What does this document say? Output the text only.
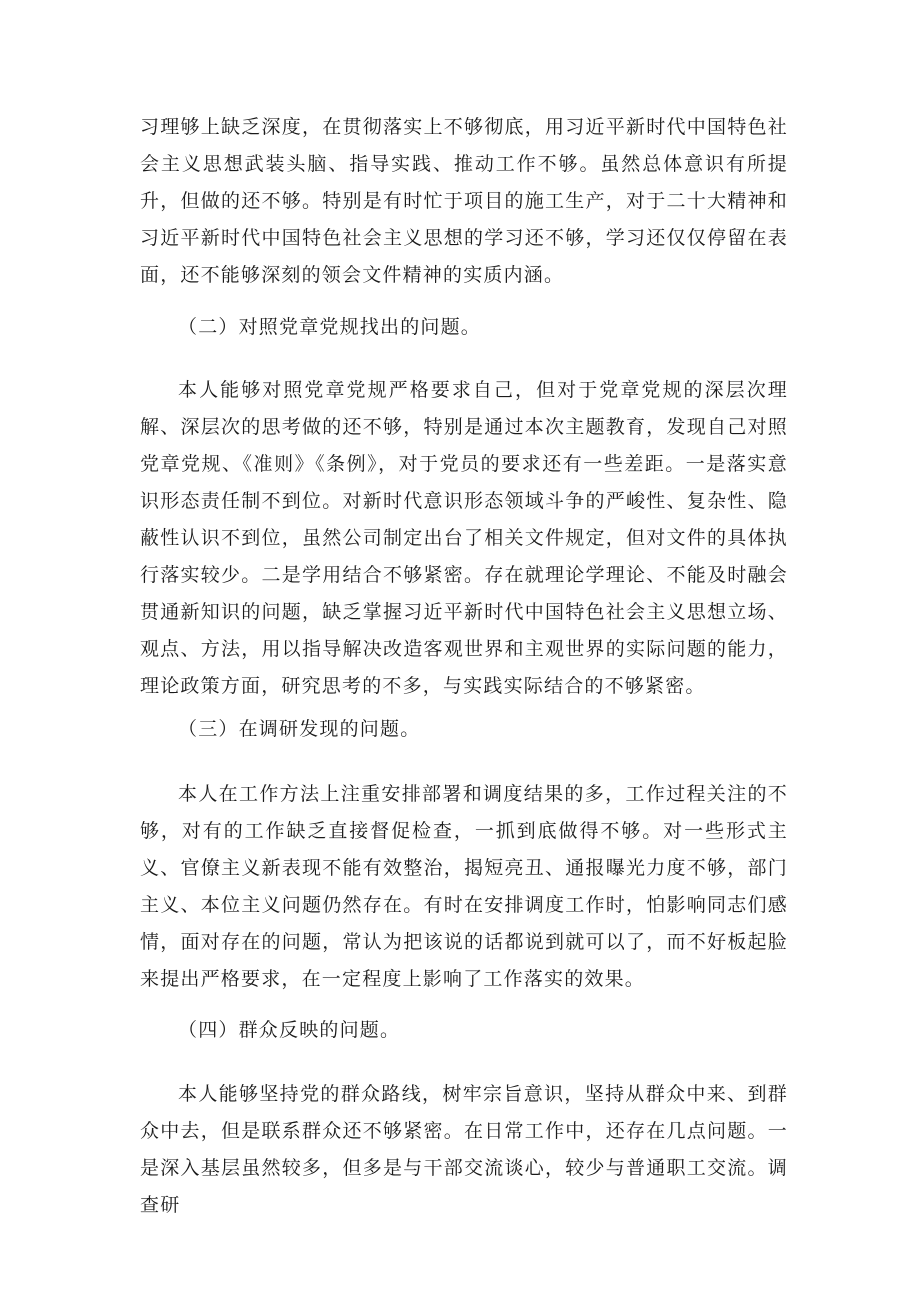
习理够上缺乏深度，在贯彻落实上不够彻底，用习近平新时代中国特色社会主义思想武装头脑、指导实践、推动工作不够。虽然总体意识有所提升，但做的还不够。特别是有时忙于项目的施工生产，对于二十大精神和习近平新时代中国特色社会主义思想的学习还不够，学习还仅仅停留在表面，还不能够深刻的领会文件精神的实质内涵。

（二）对照党章党规找出的问题。

本人能够对照党章党规严格要求自己，但对于党章党规的深层次理解、深层次的思考做的还不够，特别是通过本次主题教育，发现自己对照党章党规、《准则》《条例》，对于党员的要求还有一些差距。一是落实意识形态责任制不到位。对新时代意识形态领域斗争的严峻性、复杂性、隐蔽性认识不到位，虽然公司制定出台了相关文件规定，但对文件的具体执行落实较少。二是学用结合不够紧密。存在就理论学理论、不能及时融会贯通新知识的问题，缺乏掌握习近平新时代中国特色社会主义思想立场、观点、方法，用以指导解决改造客观世界和主观世界的实际问题的能力，理论政策方面，研究思考的不多，与实践实际结合的不够紧密。

（三）在调研发现的问题。

本人在工作方法上注重安排部署和调度结果的多，工作过程关注的不够，对有的工作缺乏直接督促检查，一抓到底做得不够。对一些形式主义、官僚主义新表现不能有效整治，揭短亮丑、通报曝光力度不够，部门主义、本位主义问题仍然存在。有时在安排调度工作时，怕影响同志们感情，面对存在的问题，常认为把该说的话都说到就可以了，而不好板起脸来提出严格要求，在一定程度上影响了工作落实的效果。

（四）群众反映的问题。

本人能够坚持党的群众路线，树牢宗旨意识，坚持从群众中来、到群众中去，但是联系群众还不够紧密。在日常工作中，还存在几点问题。一是深入基层虽然较多，但多是与干部交流谈心，较少与普通职工交流。调查研
